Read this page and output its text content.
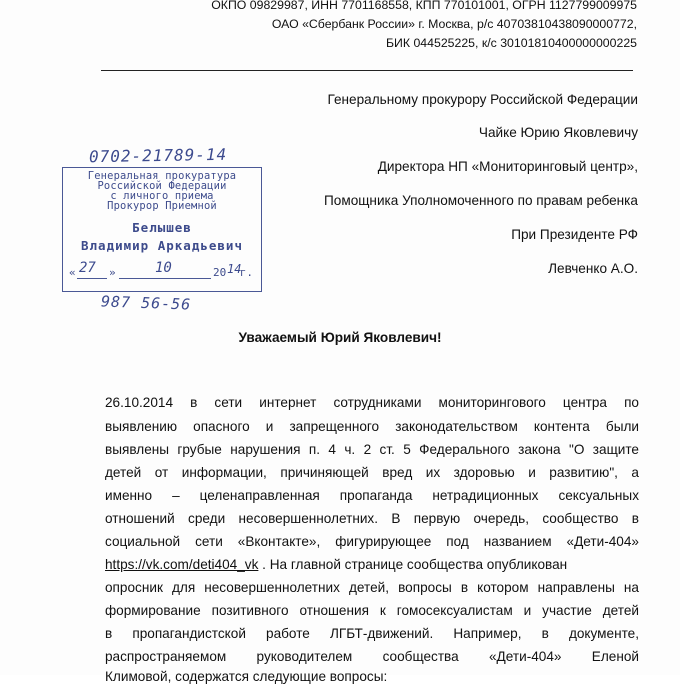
ОКПО 09829987, ИНН 7701168558, КПП 770101001, ОГРН 1127799009975
ОАО «Сбербанк России» г. Москва, р/с 40703810438090000772,
БИК 044525225, к/с 30101810400000000225
Генеральному прокурору Российской Федерации
Чайке Юрию Яковлевичу
Директора НП «Мониторинговый центр»,
Помощника Уполномоченного по правам ребенка
При Президенте РФ
Левченко А.О.
0702-21789-14
Генеральная прокуратура
Российской Федерации
с личного приема
Прокурор Приемной
Белышев
Владимир Аркадьевич
« 27 »	10	20 14
г.
987 56-56
Уважаемый Юрий Яковлевич!
26.10.2014 в сети интернет сотрудниками мониторингового центра по
выявлению опасного и запрещенного законодательством контента были
выявлены грубые нарушения п. 4 ч. 2 ст. 5 Федерального закона "О защите
детей от информации, причиняющей вред их здоровью и развитию", а
именно – целенаправленная пропаганда нетрадиционных сексуальных
отношений среди несовершеннолетних. В первую очередь, сообщество в
социальной сети «Вконтакте», фигурирующее под названием «Дети-404»
https://vk.com/deti404_vk . На главной странице сообщества опубликован
опросник для несовершеннолетних детей, вопросы в котором направлены на
формирование позитивного отношения к гомосексуалистам и участие детей
в пропагандистской работе ЛГБТ-движений. Например, в документе,
распространяемом руководителем сообщества «Дети-404» Еленой
Климовой, содержатся следующие вопросы:
